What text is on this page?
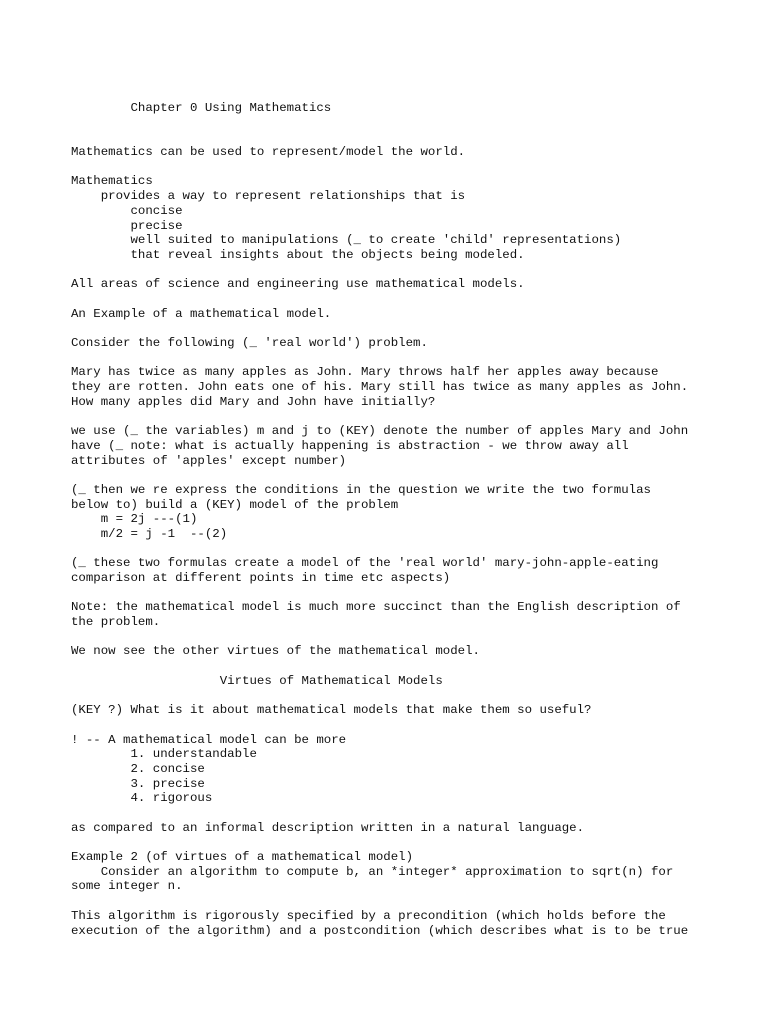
Chapter 0 Using Mathematics
Mathematics can be used to represent/model the world.
Mathematics
provides a way to represent relationships that is
concise
precise
well suited to manipulations (_ to create 'child' representations)
that reveal insights about the objects being modeled.
All areas of science and engineering use mathematical models.
An Example of a mathematical model.
Consider the following (_ 'real world') problem.
Mary has twice as many apples as John. Mary throws half her apples away because
they are rotten. John eats one of his. Mary still has twice as many apples as John.
How many apples did Mary and John have initially?
we use (_ the variables) m and j to (KEY) denote the number of apples Mary and John
have (_ note: what is actually happening is abstraction - we throw away all
attributes of 'apples' except number)
(_ then we re express the conditions in the question we write the two formulas
below to) build a (KEY) model of the problem
m = 2j ---(1)
m/2 = j -1  --(2)
(_ these two formulas create a model of the 'real world' mary-john-apple-eating
comparison at different points in time etc aspects)
Note: the mathematical model is much more succinct than the English description of
the problem.
We now see the other virtues of the mathematical model.
Virtues of Mathematical Models
(KEY ?) What is it about mathematical models that make them so useful?
! -- A mathematical model can be more
1. understandable
2. concise
3. precise
4. rigorous
as compared to an informal description written in a natural language.
Example 2 (of virtues of a mathematical model)
Consider an algorithm to compute b, an *integer* approximation to sqrt(n) for
some integer n.
This algorithm is rigorously specified by a precondition (which holds before the
execution of the algorithm) and a postcondition (which describes what is to be true
